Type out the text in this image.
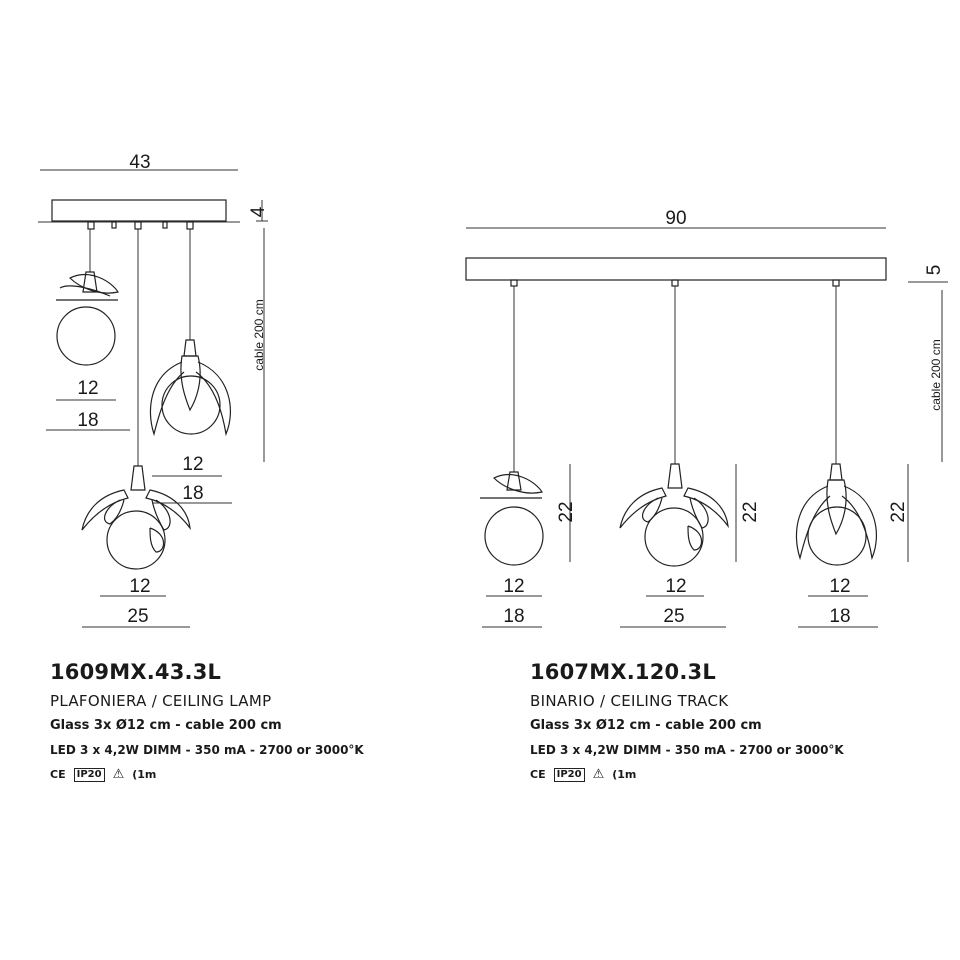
43
4
cable 200 cm
12
18
12
18
12
25
90
5
cable 200 cm
22
12
18
22
12
25
22
12
18
1609MX.43.3L
PLAFONIERA / CEILING LAMP
Glass 3x Ø12 cm - cable 200 cm
LED 3 x 4,2W DIMM - 350 mA - 2700 or 3000°K
CE	IP20 ⚠ (1m
1607MX.120.3L
BINARIO / CEILING TRACK
Glass 3x Ø12 cm - cable 200 cm
LED 3 x 4,2W DIMM - 350 mA - 2700 or 3000°K
CE	IP20 ⚠ (1m
